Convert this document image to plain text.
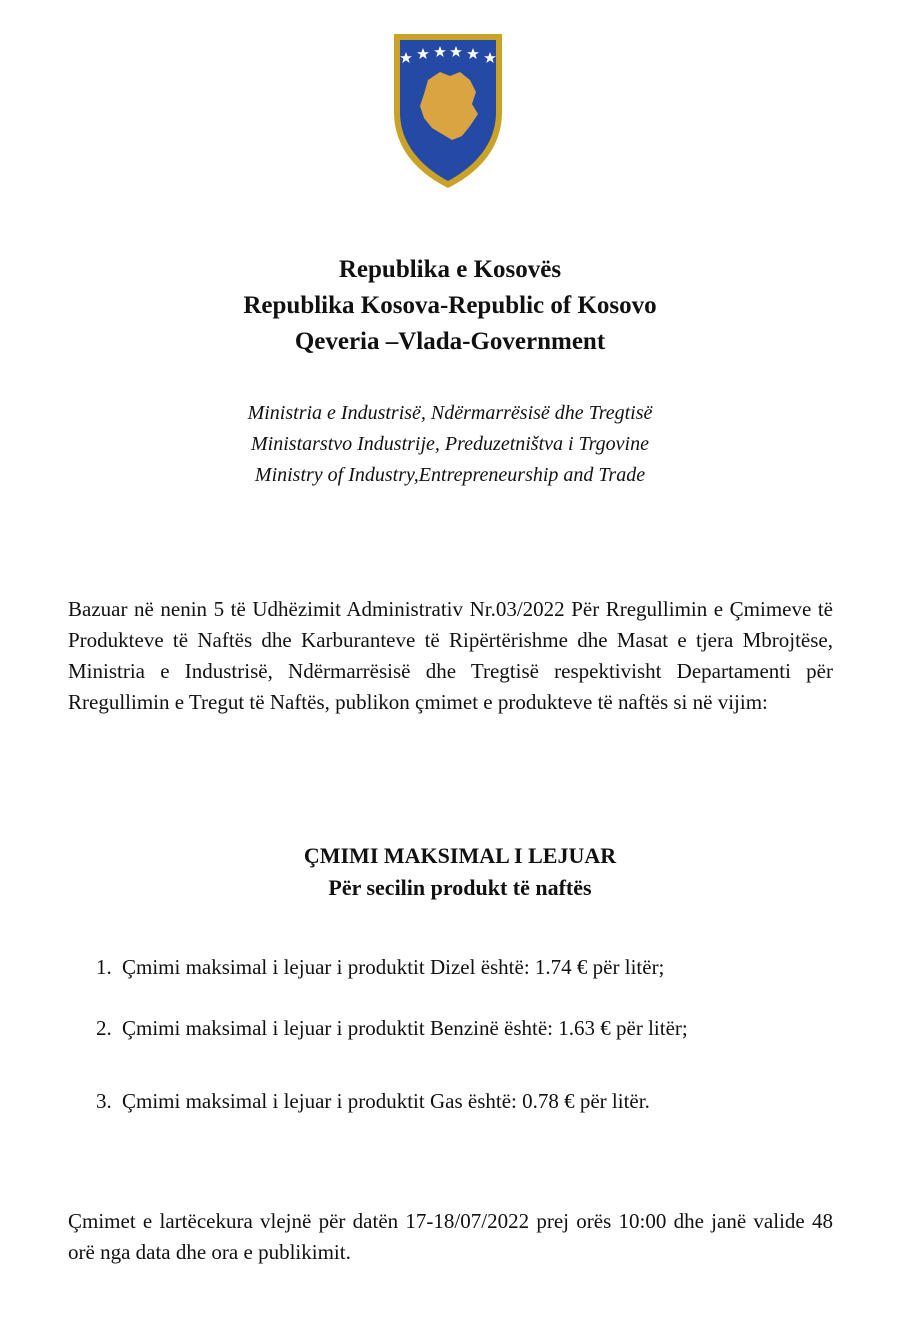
Republika e Kosovës
Republika Kosova-Republic of Kosovo
Qeveria –Vlada-Government
Ministria e Industrisë, Ndërmarrësisë dhe Tregtisë
Ministarstvo Industrije, Preduzetništva i Trgovine
Ministry of Industry,Entrepreneurship and Trade
Bazuar në nenin 5 të Udhëzimit Administrativ Nr.03/2022 Për Rregullimin e Çmimeve të Produkteve të Naftës dhe Karburanteve të Ripërtërishme dhe Masat e tjera Mbrojtëse, Ministria e Industrisë, Ndërmarrësisë dhe Tregtisë respektivisht Departamenti për Rregullimin e Tregut të Naftës, publikon çmimet e produkteve të naftës si në vijim:
ÇMIMI MAKSIMAL I LEJUAR
Për secilin produkt të naftës
1. Çmimi maksimal i lejuar i produktit Dizel është: 1.74 € për litër;
2. Çmimi maksimal i lejuar i produktit Benzinë është: 1.63 € për litër;
3. Çmimi maksimal i lejuar i produktit Gas është: 0.78 € për litër.
Çmimet e lartëcekura vlejnë për datën 17-18/07/2022 prej orës 10:00 dhe janë valide 48 orë nga data dhe ora e publikimit.
